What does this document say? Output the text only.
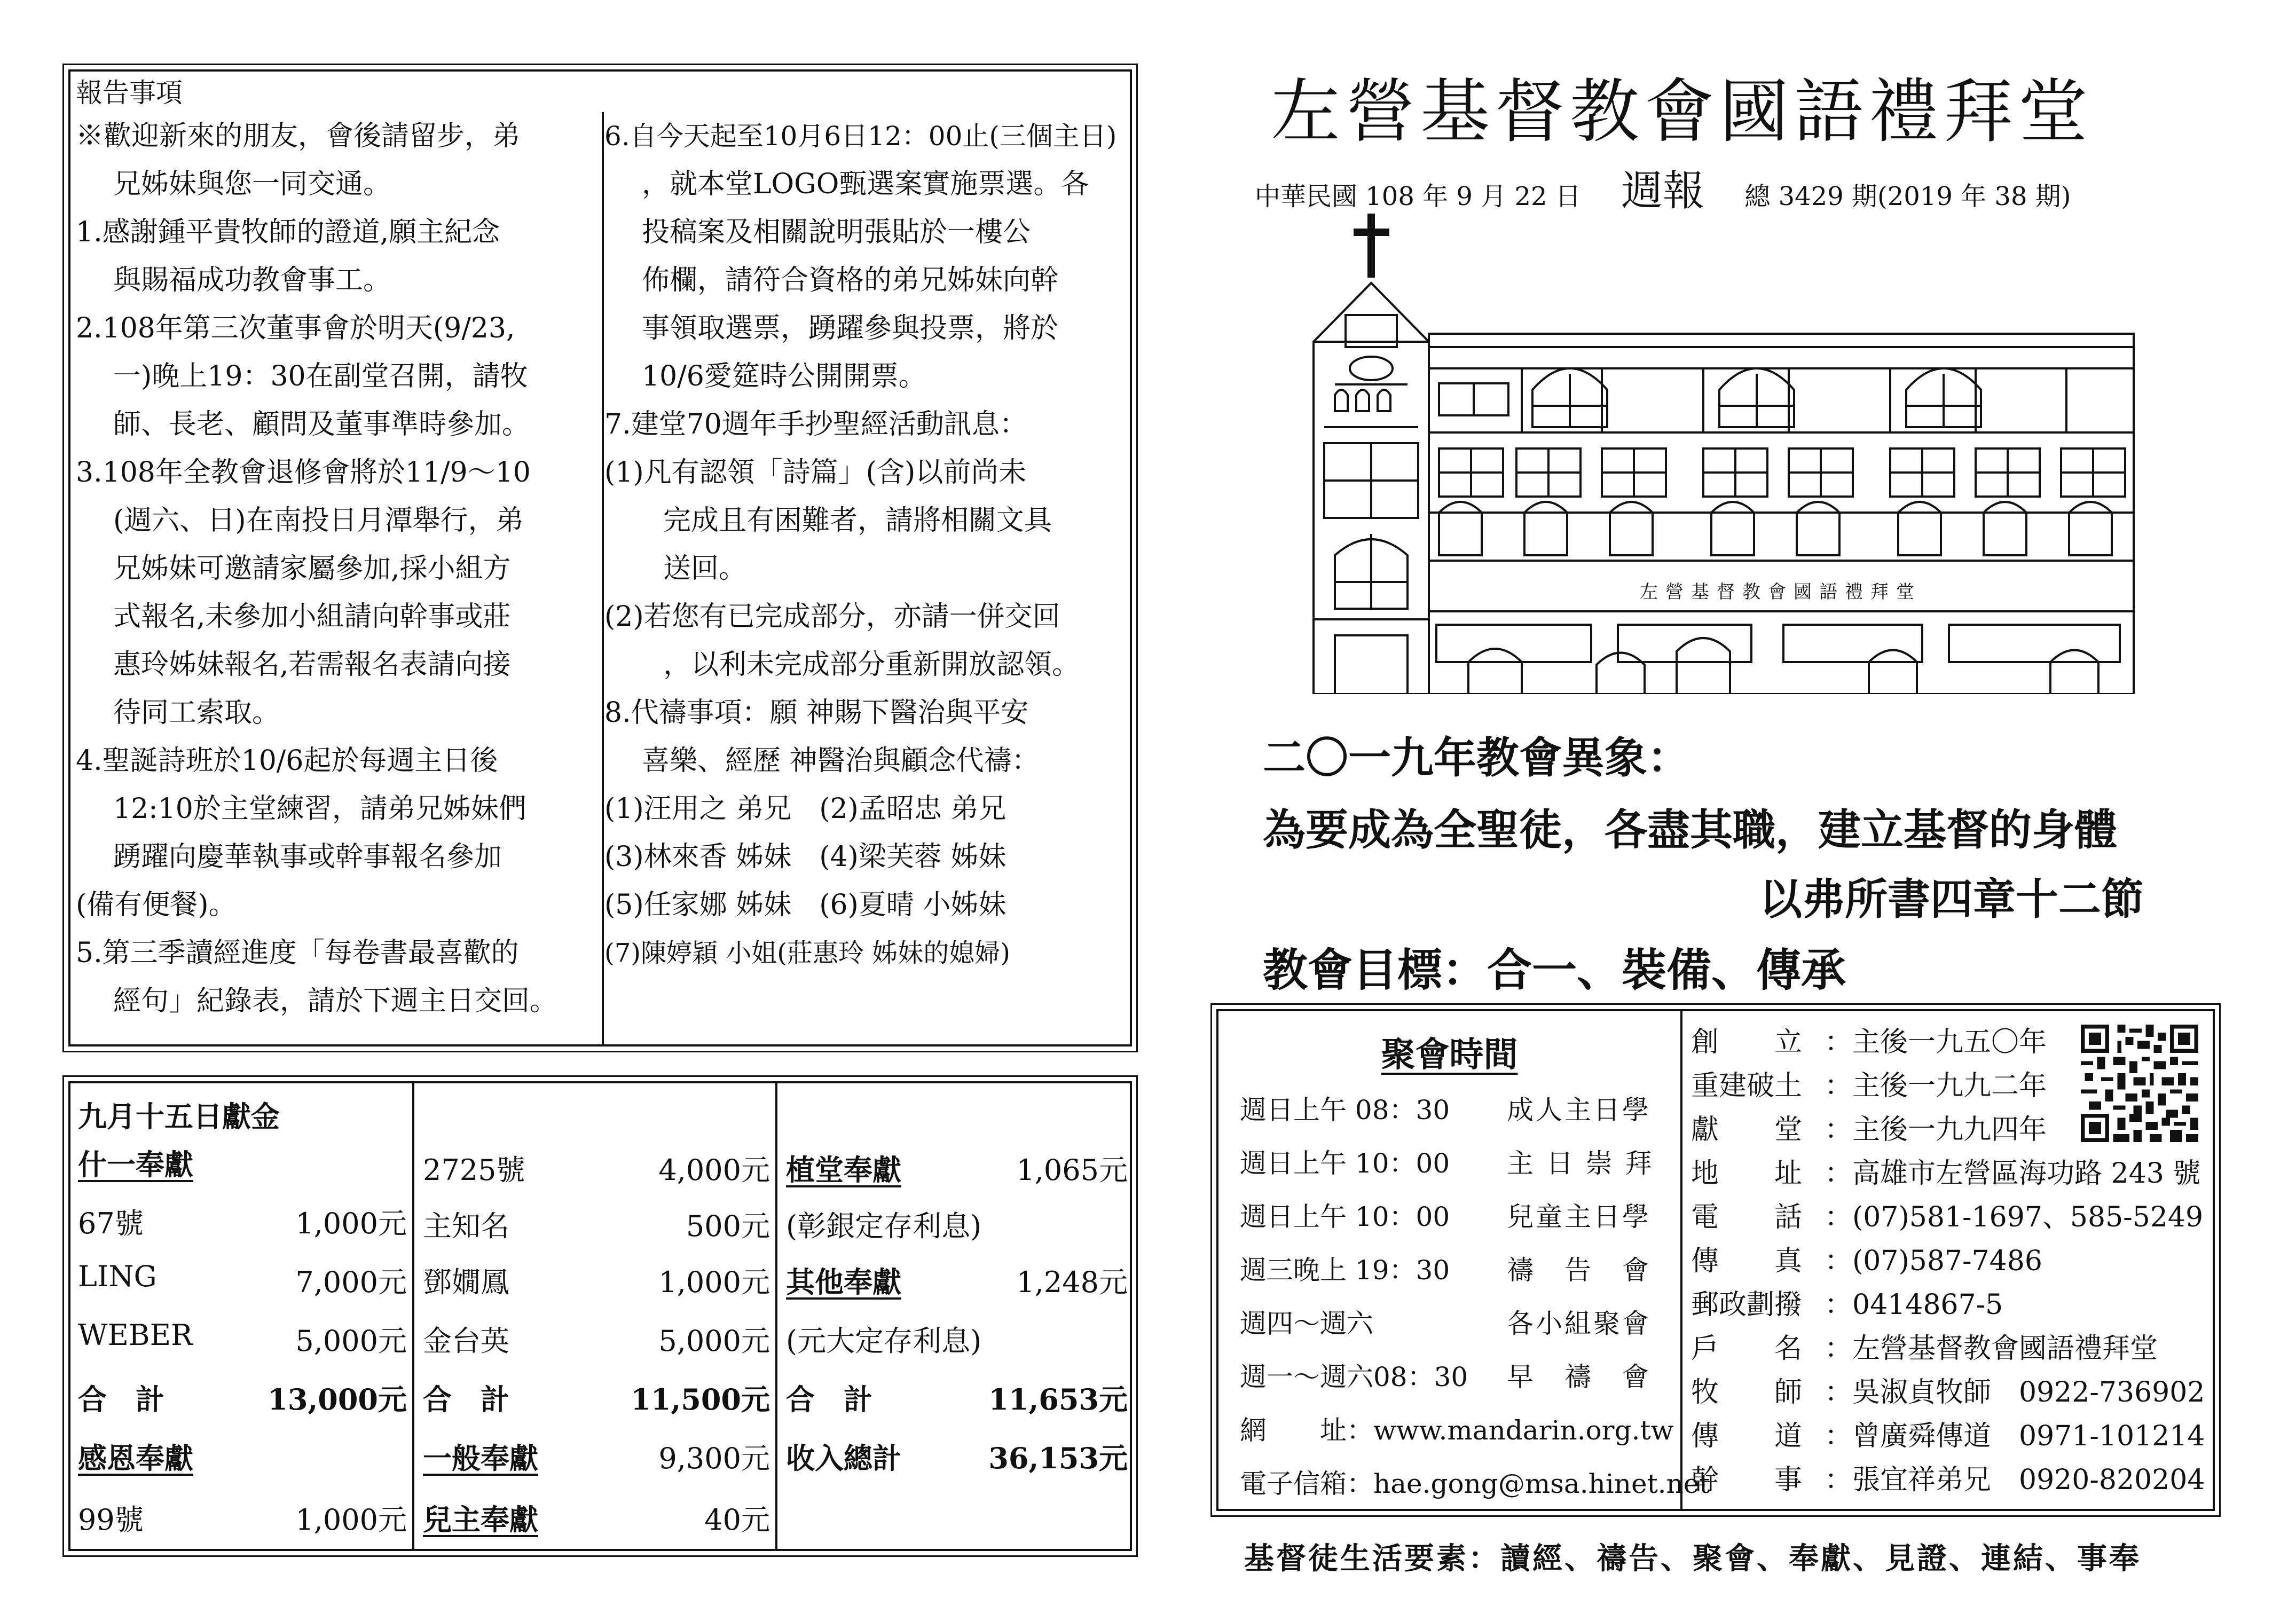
報告事項
※歡迎新來的朋友，會後請留步，弟
兄姊妹與您一同交通。
1.感謝鍾平貴牧師的證道,願主紀念
與賜福成功教會事工。
2.108年第三次董事會於明天(9/23,
一)晚上19：30在副堂召開，請牧
師、長老、顧問及董事準時參加。
3.108年全教會退修會將於11/9～10
(週六、日)在南投日月潭舉行，弟
兄姊妹可邀請家屬參加,採小組方
式報名,未參加小組請向幹事或莊
惠玲姊妹報名,若需報名表請向接
待同工索取。
4.聖誕詩班於10/6起於每週主日後
12:10於主堂練習，請弟兄姊妹們
踴躍向慶華執事或幹事報名參加
(備有便餐)。
5.第三季讀經進度「每卷書最喜歡的
經句」紀錄表，請於下週主日交回。
6.自今天起至10月6日12：00止(三個主日)
，就本堂LOGO甄選案實施票選。各
投稿案及相關說明張貼於一樓公
佈欄，請符合資格的弟兄姊妹向幹
事領取選票，踴躍參與投票，將於
10/6愛筵時公開開票。
7.建堂70週年手抄聖經活動訊息：
(1)凡有認領「詩篇」(含)以前尚未
完成且有困難者，請將相關文具
送回。
(2)若您有已完成部分，亦請一併交回
，以利未完成部分重新開放認領。
8.代禱事項：願 神賜下醫治與平安
喜樂、經歷 神醫治與顧念代禱：
(1)汪用之 弟兄　(2)孟昭忠 弟兄
(3)林來香 姊妹　(4)梁芙蓉 姊妹
(5)任家娜 姊妹　(6)夏晴 小姊妹
(7)陳婷穎 小姐(莊惠玲 姊妹的媳婦)
九月十五日獻金
什一奉獻
67號	1,000元
LING	7,000元
WEBER	5,000元
合　計	13,000元
感恩奉獻
99號	1,000元
2725號	4,000元
主知名	500元
鄧嫺鳳	1,000元
金台英	5,000元
合　計	11,500元
一般奉獻	9,300元
兒主奉獻	40元
植堂奉獻	1,065元
(彰銀定存利息)
其他奉獻	1,248元
(元大定存利息)
合　計	11,653元
收入總計	36,153元
左營基督教會國語禮拜堂
中華民國 108 年 9 月 22 日 週報 總 3429 期(2019 年 38 期)
左營基督教會國語禮拜堂
二〇一九年教會異象：
為要成為全聖徒，各盡其職，建立基督的身體
以弗所書四章十二節
教會目標：合一、裝備、傳承
聚會時間
週日上午 08：30 成人主日學
週日上午 10：00 主 日 崇 拜
週日上午 10：00 兒童主日學
週三晚上 19：30 禱　告　會
週四～週六	各小組聚會
週一～週六08：30 早　禱　會
網　　址：www.mandarin.org.tw
電子信箱：hae.gong@msa.hinet.net
創　　立 ：主後一九五〇年
重建破土 ：主後一九九二年
獻　　堂 ：主後一九九四年
地　　址 ：高雄市左營區海功路 243 號
電　　話 ：(07)581-1697、585-5249
傳　　真 ：(07)587-7486
郵政劃撥 ：0414867-5
戶　　名 ：左營基督教會國語禮拜堂
牧　　師 ：吳淑貞牧師　0922-736902
傳　　道 ：曾廣舜傳道　0971-101214
幹　　事 ：張宜祥弟兄　0920-820204
基督徒生活要素：讀經、禱告、聚會、奉獻、見證、連結、事奉
